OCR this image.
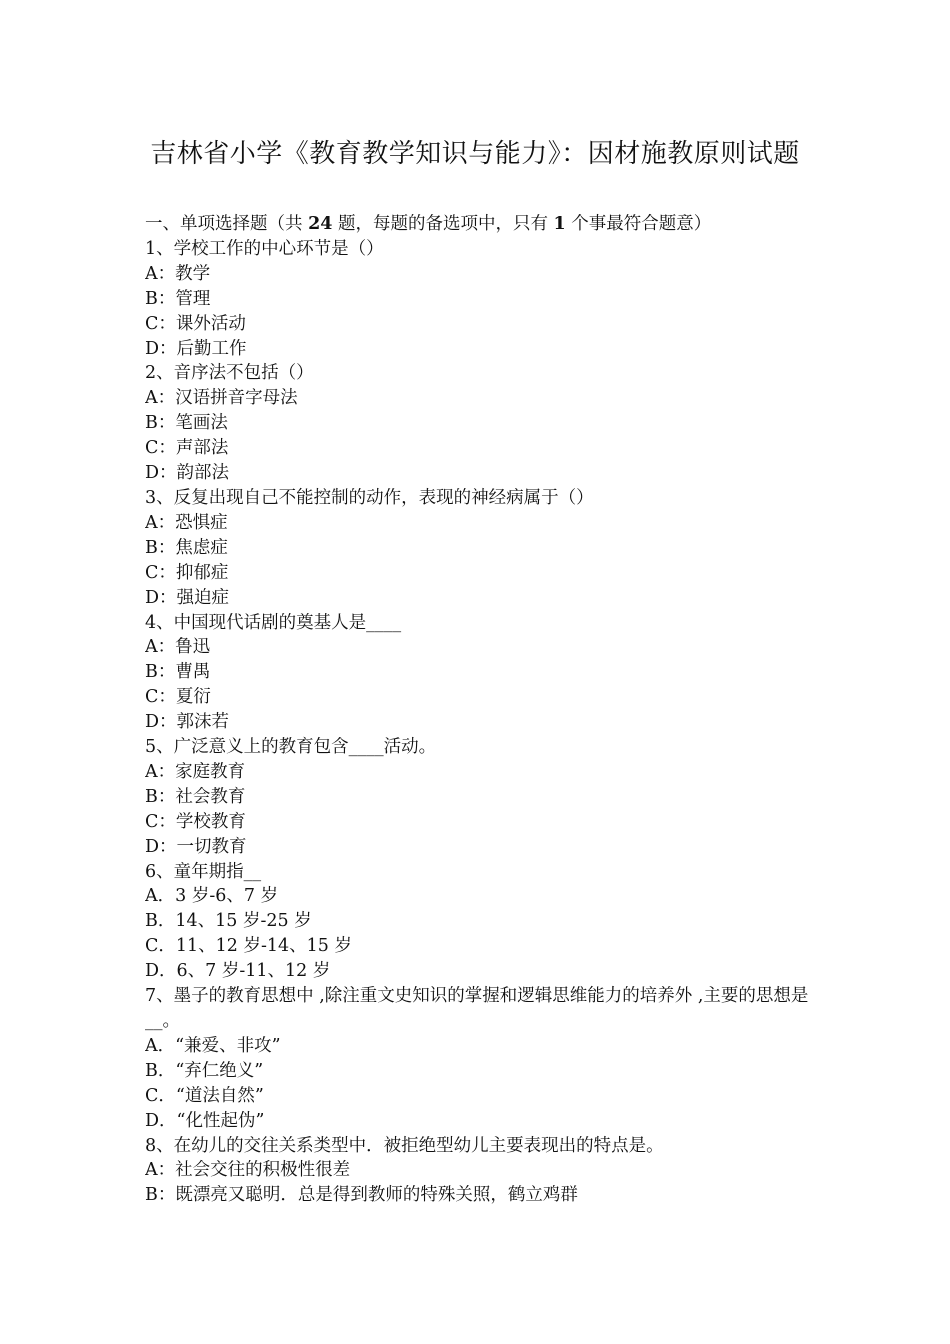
吉林省小学《教育教学知识与能力》：因材施教原则试题
一、单项选择题（共 24 题，每题的备选项中，只有 1 个事最符合题意）
1、学校工作的中心环节是（）
A：教学
B：管理
C：课外活动
D：后勤工作
2、音序法不包括（）
A：汉语拼音字母法
B：笔画法
C：声部法
D：韵部法
3、反复出现自己不能控制的动作，表现的神经病属于（）
A：恐惧症
B：焦虑症
C：抑郁症
D：强迫症
4、中国现代话剧的奠基人是____
A：鲁迅
B：曹禺
C：夏衍
D：郭沫若
5、广泛意义上的教育包含____活动。
A：家庭教育
B：社会教育
C：学校教育
D：一切教育
6、童年期指__
A．3 岁-6、7 岁
B．14、15 岁-25 岁
C．11、12 岁-14、15 岁
D．6、7 岁-11、12 岁
7、墨子的教育思想中 ,除注重文史知识的掌握和逻辑思维能力的培养外 ,主要的思想是__。
A．“兼爱、非攻”
B．“弃仁绝义”
C．“道法自然”
D．“化性起伪”
8、在幼儿的交往关系类型中．被拒绝型幼儿主要表现出的特点是。
A：社会交往的积极性很差
B：既漂亮又聪明．总是得到教师的特殊关照，鹤立鸡群
